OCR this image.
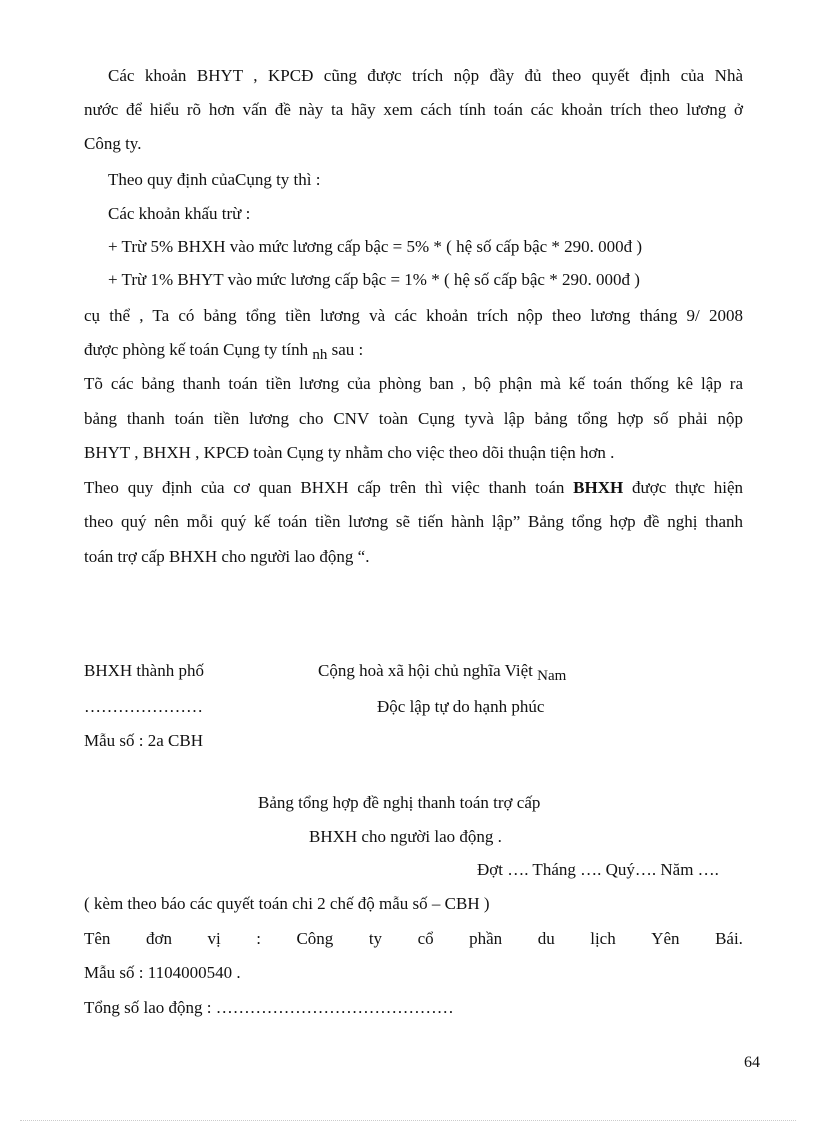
Các khoản BHYT , KPCĐ cũng được trích nộp đầy đủ theo quyết định của Nhà
nước để hiểu rõ hơn vấn đề này ta hãy xem cách tính toán các khoản trích theo lương ở
Công ty.
Theo quy định củaCụng ty thì :
Các khoản khấu trừ :
+ Trừ 5% BHXH vào mức lương cấp bậc = 5% * ( hệ số cấp bậc * 290. 000đ )
+ Trừ 1% BHYT vào mức lương cấp bậc = 1% * ( hệ số cấp bậc * 290. 000đ )
cụ thể , Ta có bảng tổng tiền lương và các khoản trích nộp theo lương tháng 9/ 2008
được phòng kế toán Cụng ty tính nh sau :
Tõ các bảng thanh toán tiền lương của phòng ban , bộ phận mà kế toán thống kê lập ra
bảng thanh toán tiền lương cho CNV toàn Cụng tyvà lập bảng tổng hợp số phải nộp
BHYT , BHXH , KPCĐ toàn Cụng ty nhằm cho việc theo dõi thuận tiện hơn .
Theo quy định của cơ quan BHXH cấp trên thì việc thanh toán BHXH được thực hiện
theo quý nên mỗi quý kế toán tiền lương sẽ tiến hành lập” Bảng tổng hợp đề nghị thanh
toán trợ cấp BHXH cho người lao động “.
BHXH thành phố
…………………
Mẫu số : 2a CBH
Cộng hoà xã hội chủ nghĩa Việt Nam
Độc lập tự do hạnh phúc
Bảng tổng hợp đề nghị thanh toán trợ cấp
BHXH cho người lao động .
Đợt …. Tháng …. Quý…. Năm ….
( kèm theo báo các quyết toán chi 2 chế độ mẫu số – CBH )
Tên đơn vị : Công ty cổ phần du lịch Yên Bái.
Mẫu số : 1104000540 .
Tổng số lao động : ……………………………………
64
